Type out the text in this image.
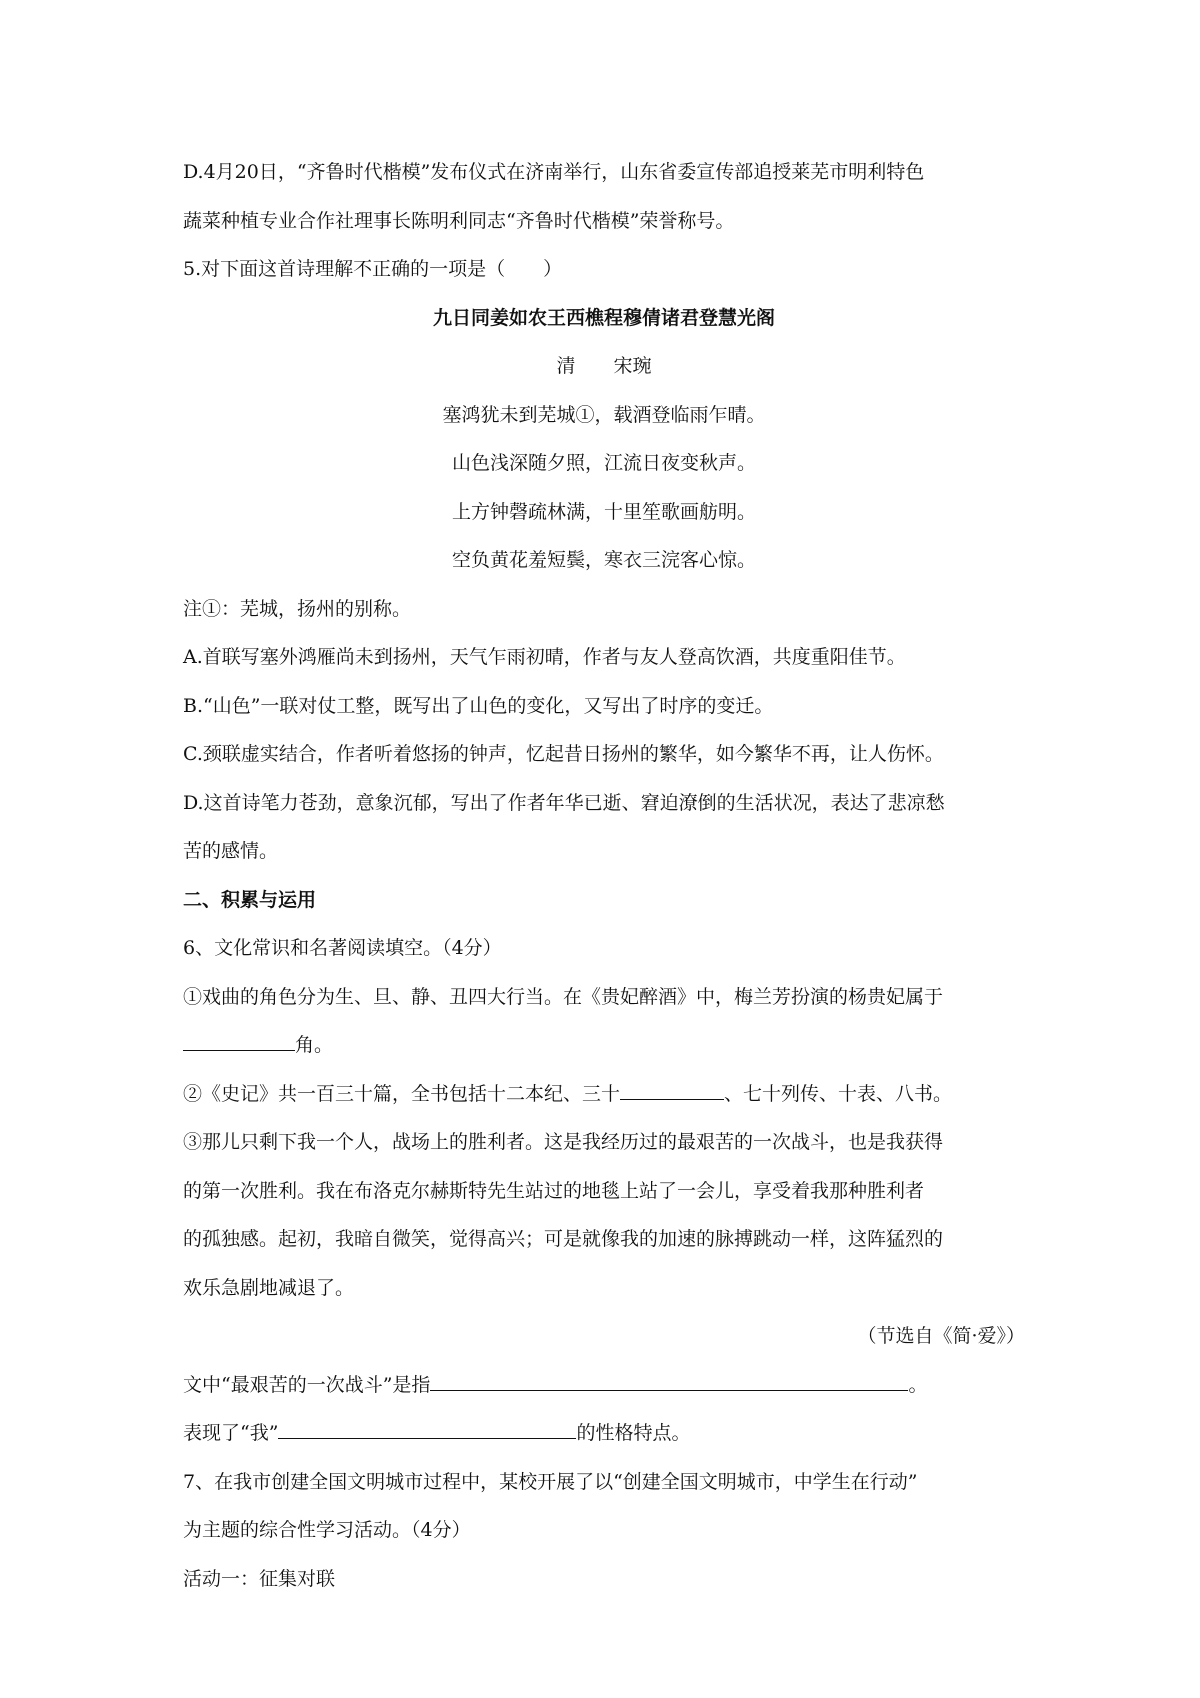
D.4月20日，“齐鲁时代楷模”发布仪式在济南举行，山东省委宣传部追授莱芜市明利特色
蔬菜种植专业合作社理事长陈明利同志“齐鲁时代楷模”荣誉称号。
5.对下面这首诗理解不正确的一项是（　　）
九日同姜如农王西樵程穆倩诸君登慧光阁
清 宋琬
塞鸿犹未到芜城①，载酒登临雨乍晴。
山色浅深随夕照，江流日夜变秋声。
上方钟磬疏林满，十里笙歌画舫明。
空负黄花羞短鬓，寒衣三浣客心惊。
注①：芜城，扬州的别称。
A.首联写塞外鸿雁尚未到扬州，天气乍雨初晴，作者与友人登高饮酒，共度重阳佳节。
B.“山色”一联对仗工整，既写出了山色的变化，又写出了时序的变迁。
C.颈联虚实结合，作者听着悠扬的钟声，忆起昔日扬州的繁华，如今繁华不再，让人伤怀。
D.这首诗笔力苍劲，意象沉郁，写出了作者年华已逝、窘迫潦倒的生活状况，表达了悲凉愁
苦的感情。
二、积累与运用
6、文化常识和名著阅读填空。（4分）
①戏曲的角色分为生、旦、静、丑四大行当。在《贵妃醉酒》中，梅兰芳扮演的杨贵妃属于
角。
②《史记》共一百三十篇，全书包括十二本纪、三十	、七十列传、十表、八书。
③那儿只剩下我一个人，战场上的胜利者。这是我经历过的最艰苦的一次战斗，也是我获得
的第一次胜利。我在布洛克尔赫斯特先生站过的地毯上站了一会儿，享受着我那种胜利者
的孤独感。起初，我暗自微笑，觉得高兴；可是就像我的加速的脉搏跳动一样，这阵猛烈的
欢乐急剧地减退了。
（节选自《简·爱》）
文中“最艰苦的一次战斗”是指	。
表现了“我”	的性格特点。
7、在我市创建全国文明城市过程中，某校开展了以“创建全国文明城市，中学生在行动”
为主题的综合性学习活动。（4分）
活动一：征集对联
